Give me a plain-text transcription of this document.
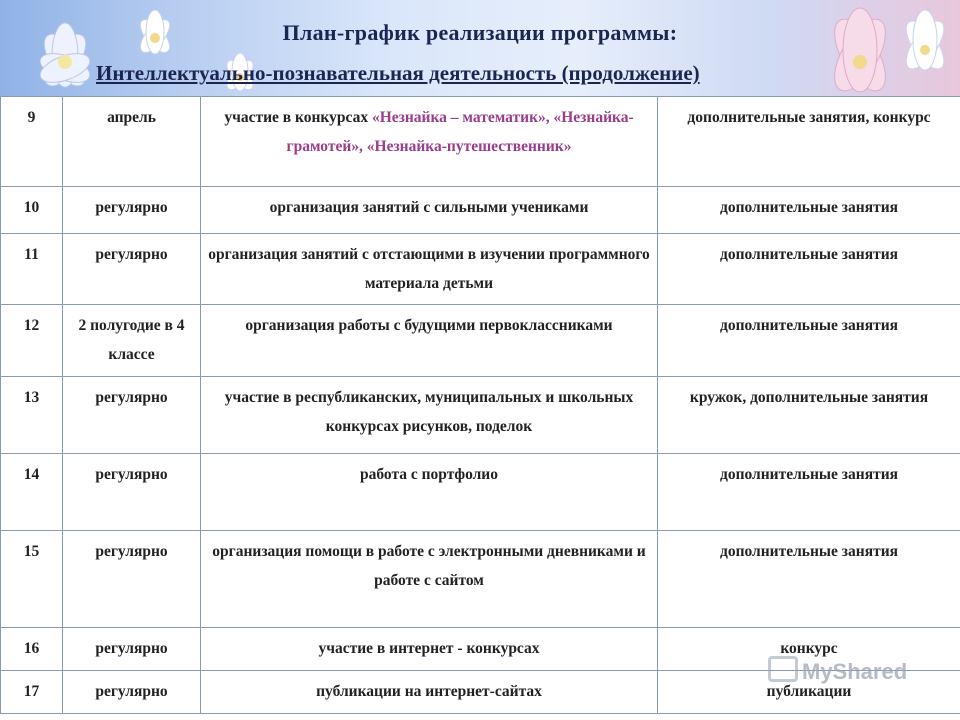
План-график реализации программы:
Интеллектуально-познавательная деятельность (продолжение)
9	апрель	участие в конкурсах «Незнайка – математик», «Незнайка-грамотей», «Незнайка-путешественник»	дополнительные занятия, конкурс
10	регулярно	организация занятий с сильными учениками	дополнительные занятия
11	регулярно	организация занятий с отстающими в изучении программного материала детьми	дополнительные занятия
12	2 полугодие в 4 классе	организация работы с будущими первоклассниками	дополнительные занятия
13	регулярно	участие в республиканских, муниципальных и школьных конкурсах рисунков, поделок	кружок, дополнительные занятия
14	регулярно	работа с портфолио	дополнительные занятия
15	регулярно	организация помощи в работе с электронными дневниками и работе с сайтом	дополнительные занятия
16	регулярно	участие в интернет - конкурсах	конкурс
17	регулярно	публикации на интернет-сайтах	публикации
MyShared
